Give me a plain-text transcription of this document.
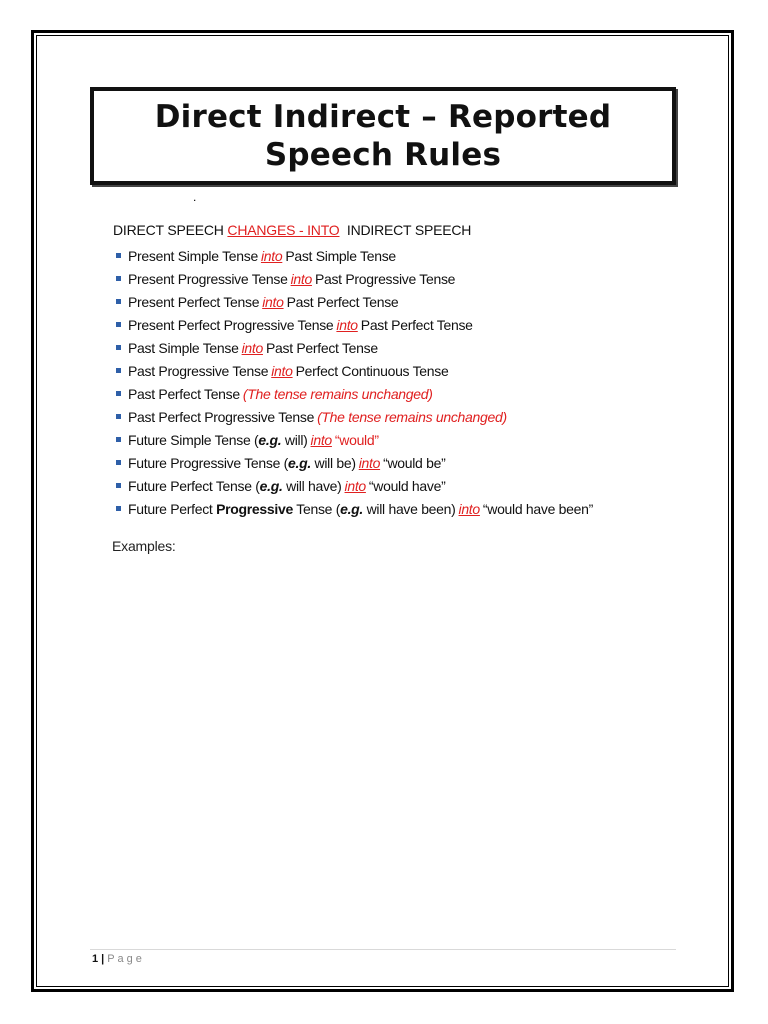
Direct Indirect – Reported Speech Rules
.
DIRECT SPEECH CHANGES - INTO  INDIRECT SPEECH
Present Simple Tense into Past Simple Tense
Present Progressive Tense into Past Progressive Tense
Present Perfect Tense into Past Perfect Tense
Present Perfect Progressive Tense into Past Perfect Tense
Past Simple Tense into Past Perfect Tense
Past Progressive Tense into Perfect Continuous Tense
Past Perfect Tense (The tense remains unchanged)
Past Perfect Progressive Tense (The tense remains unchanged)
Future Simple Tense ( e.g. will) into “would”
Future Progressive Tense ( e.g. will be) into “would be”
Future Perfect Tense ( e.g. will have) into “would have”
Future Perfect Progressive Tense ( e.g. will have been) into “would have been”
Examples:
1 | Page
